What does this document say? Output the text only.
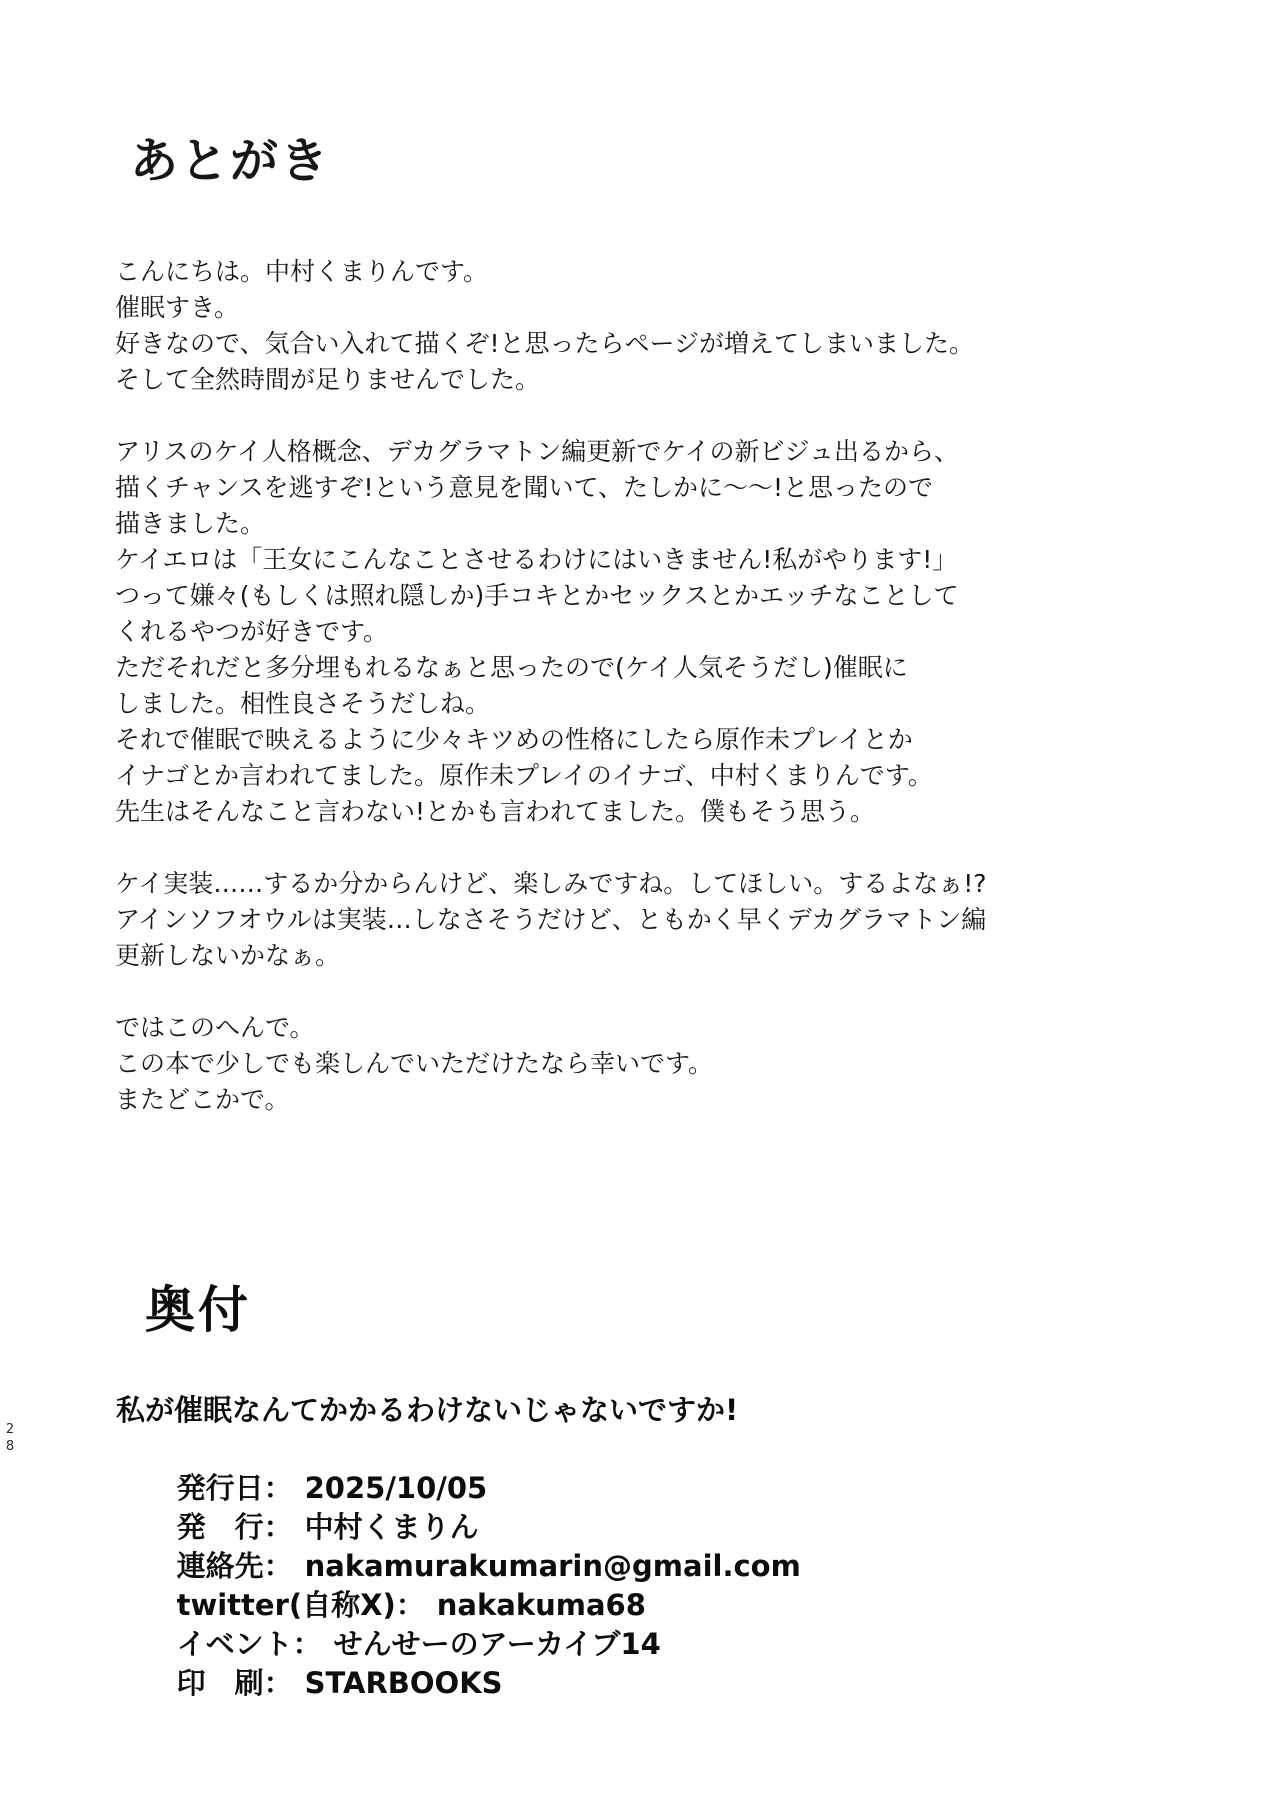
あとがき
こんにちは。中村くまりんです。
催眠すき。
好きなので、気合い入れて描くぞ!と思ったらページが増えてしまいました。
そして全然時間が足りませんでした。
アリスのケイ人格概念、デカグラマトン編更新でケイの新ビジュ出るから、
描くチャンスを逃すぞ!という意見を聞いて、たしかに〜〜!と思ったので
描きました。
ケイエロは「王女にこんなことさせるわけにはいきません!私がやります!」
つって嫌々(もしくは照れ隠しか)手コキとかセックスとかエッチなことして
くれるやつが好きです。
ただそれだと多分埋もれるなぁと思ったので(ケイ人気そうだし)催眠に
しました。相性良さそうだしね。
それで催眠で映えるように少々キツめの性格にしたら原作未プレイとか
イナゴとか言われてました。原作未プレイのイナゴ、中村くまりんです。
先生はそんなこと言わない!とかも言われてました。僕もそう思う。
ケイ実装……するか分からんけど、楽しみですね。してほしい。するよなぁ!?
アインソフオウルは実装…しなさそうだけど、ともかく早くデカグラマトン編
更新しないかなぁ。
ではこのへんで。
この本で少しでも楽しんでいただけたなら幸いです。
またどこかで。
奥付
私が催眠なんてかかるわけないじゃないですか!

発行日： 2025/10/05

発　行： 中村くまりん

連絡先： nakamurakumarin@gmail.com

twitter(自称X)： nakakuma68

イベント： せんせーのアーカイブ14

印　刷： STARBOOKS

2
8
